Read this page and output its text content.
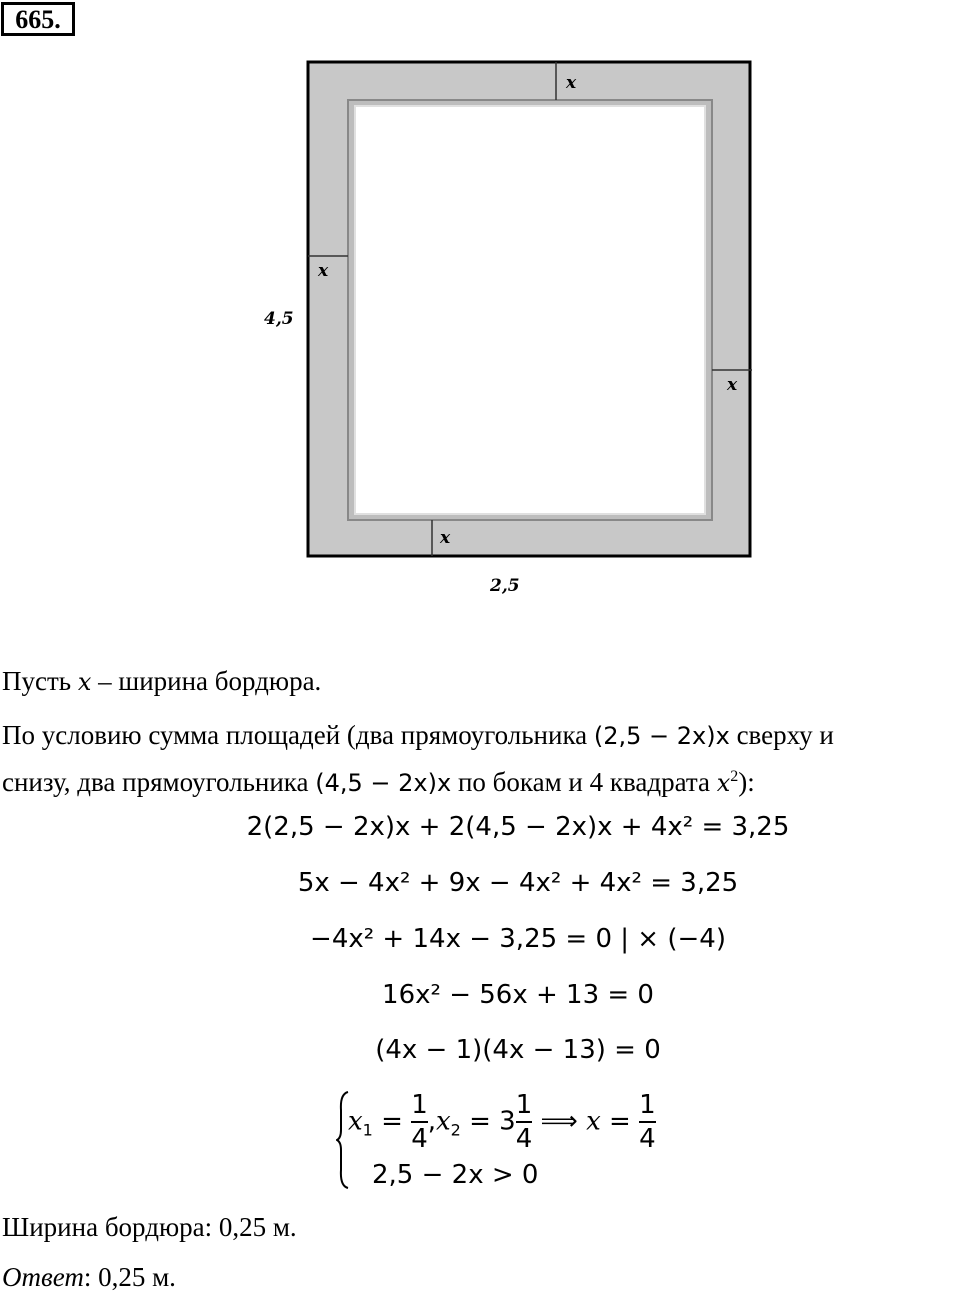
665.
x
x
x
x
4,5
2,5
Пусть x – ширина бордюра.
По условию сумма площадей (два прямоугольника (2,5 − 2x)x сверху и
снизу, два прямоугольника (4,5 − 2x)x по бокам и 4 квадрата $x^2$):
2(2,5 − 2x)x + 2(4,5 − 2x)x + 4x² = 3,25
5x − 4x² + 9x − 4x² + 4x² = 3,25
−4x² + 14x − 3,25 = 0 | × (−4)
16x² − 56x + 13 = 0
(4x − 1)(4x − 13) = 0
$x_1 = \frac{1}{4} ,x_2 = 3 \frac{1}{4}$ ⟹ $x = \frac{1}{4}$
2,5 − 2x > 0
Ширина бордюра: 0,25 м.
Ответ: 0,25 м.
